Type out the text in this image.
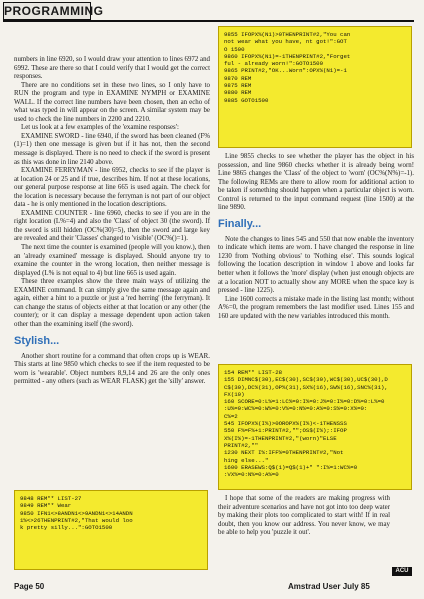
PROGRAMMING
9855 IFOPX%(N1)>0THENPRINT#2,"You can
not wear what you have, nt got!":GOT
O 1500
9860 IFOPX%(N1)=-1THENPRINT#2,"Forget
ful - already worn!":GOTO1500
9865 PRINT#2,"OK...Worn":OPX%(N1)=-1
9870 REM
9875 REM
9880 REM
9885 GOTO1500

numbers in line 6920, so I would draw your attention to lines 6972 and 6992. These are there so that I could verify that I would get the correct responses.

There are no conditions set in these two lines, so I only have to RUN the program and type in EXAMINE NYMPH or EXAMINE WALL. If the correct line numbers have been chosen, then an echo of what was typed in will appear on the screen. A similar system may be used to check the line numbers in 2200 and 2210.

Let us look at a few examples of the 'examine responses':

EXAMINE SWORD - line 6940, if the sword has been cleaned (F%(1)=1) then one message is given but if it has not, then the second message is displayed. There is no need to check if the sword is present as this was done in line 2140 above.

EXAMINE FERRYMAN - line 6952, checks to see if the player is at location 24 or 25 and if true, describes him. If not at these locations, our general purpose response at line 665 is used again. The check for the location is necessary because the ferryman is not part of our object data - he is only mentioned in the location descriptions.

EXAMINE COUNTER - line 6960, checks to see if you are in the right location (L%=4) and also the 'Class' of object 30 (the sword). If the sword is still hidden (OC%(30)=5), then the sword and large key are revealed and their 'Classes' changed to 'visible' (OC%()=1).

The next time the counter is examined (people will you know.), then an 'already examined' message is displayed. Should anyone try to examine the counter in the wrong location, then neither message is displayed (L% is not equal to 4) but line 665 is used again.

These three examples show the three main ways of utilizing the EXAMINE command. It can simply give the same message again and again, either a hint to a puzzle or just a 'red herring' (the ferryman). It can change the status of objects either at that location or any other (the counter); or it can display a message dependent upon action taken other than the examining itself (the sword).

Stylish...

Another short routine for a command that often crops up is WEAR. This starts at line 9850 which checks to see if the item requested to be worn is 'wearable'. Object numbers 8,9,14 and 26 are the only ones permitted - any others (such as WEAR FLASK) get the 'silly' answer.

9848 REM** LIST-27
9849 REM** Wear
9850 IFN1<>8ANDN1<>9ANDN1<>14ANDN
1%<>26THENPRINT#2,"That would loo
k pretty silly...":GOTO1500

Line 9855 checks to see whether the player has the object in his possession, and line 9860 checks whether it is already being worn! Line 9865 changes the 'Class' of the object to 'worn' (OC%(N%)=-1). The following REMs are there to allow room for additional action to be taken if something should happen when a particular object is worn. Control is returned to the input command request (line 1500) at the line 9890.

Finally...

Note the changes to lines 545 and 550 that now enable the inventory to indicate which items are worn. I have changed the response in line 1230 from 'Nothing obvious' to 'Nothing else'. This sounds logical following the location description in window 1 above and looks far better when it follows the 'more' display (when just enough objects are at a location NOT to actually show any MORE when the space key is pressed - line 1225).

Line 1600 corrects a mistake made in the listing last month; without A%=0, the program remembers the last modifier used. Lines 155 and 160 are updated with the new variables introduced this month.

154 REM** LIST-28
155 DIMNC$(30),EC$(30),SC$(30),WC$(30),UC$(30),D
C$(30),DC%(31),OP%(31),SX%(16),SW%(16),SNC%(31),
FX(10)
160 SCORE=0:L%=1:LC%=0:I%=0:J%=0:I%=0:D%=0:L%=0
:U%=0:WC%=0:W%=0:V%=0:N%=0:A%=0:S%=0:X%=0:
C%=2
545 IFOPX%(I%)>0OROPX%(I%)<-1THENSSS
550 F%=F%+1:PRINT#2,"";OS$(I%);:IFOP
X%(I%)=-1THENPRINT#2,"(worn)"ELSE
PRINT#2,""
1230 NEXT I%:IFF%=0THENPRINT#2,"Not
hing else..."
1600 ERASEWS:Q$(1)=Q$(1)+" ":I%=1:WC%=0
:VX%=0:N%=0:A%=0

I hope that some of the readers are making progress with their adventure scenarios and have not got into too deep water by making their plots too complicated to start with! If in real doubt, then you know our address. You never know, we may be able to help you 'puzzle it out'.

ACU
Page 50	Amstrad User July 85
